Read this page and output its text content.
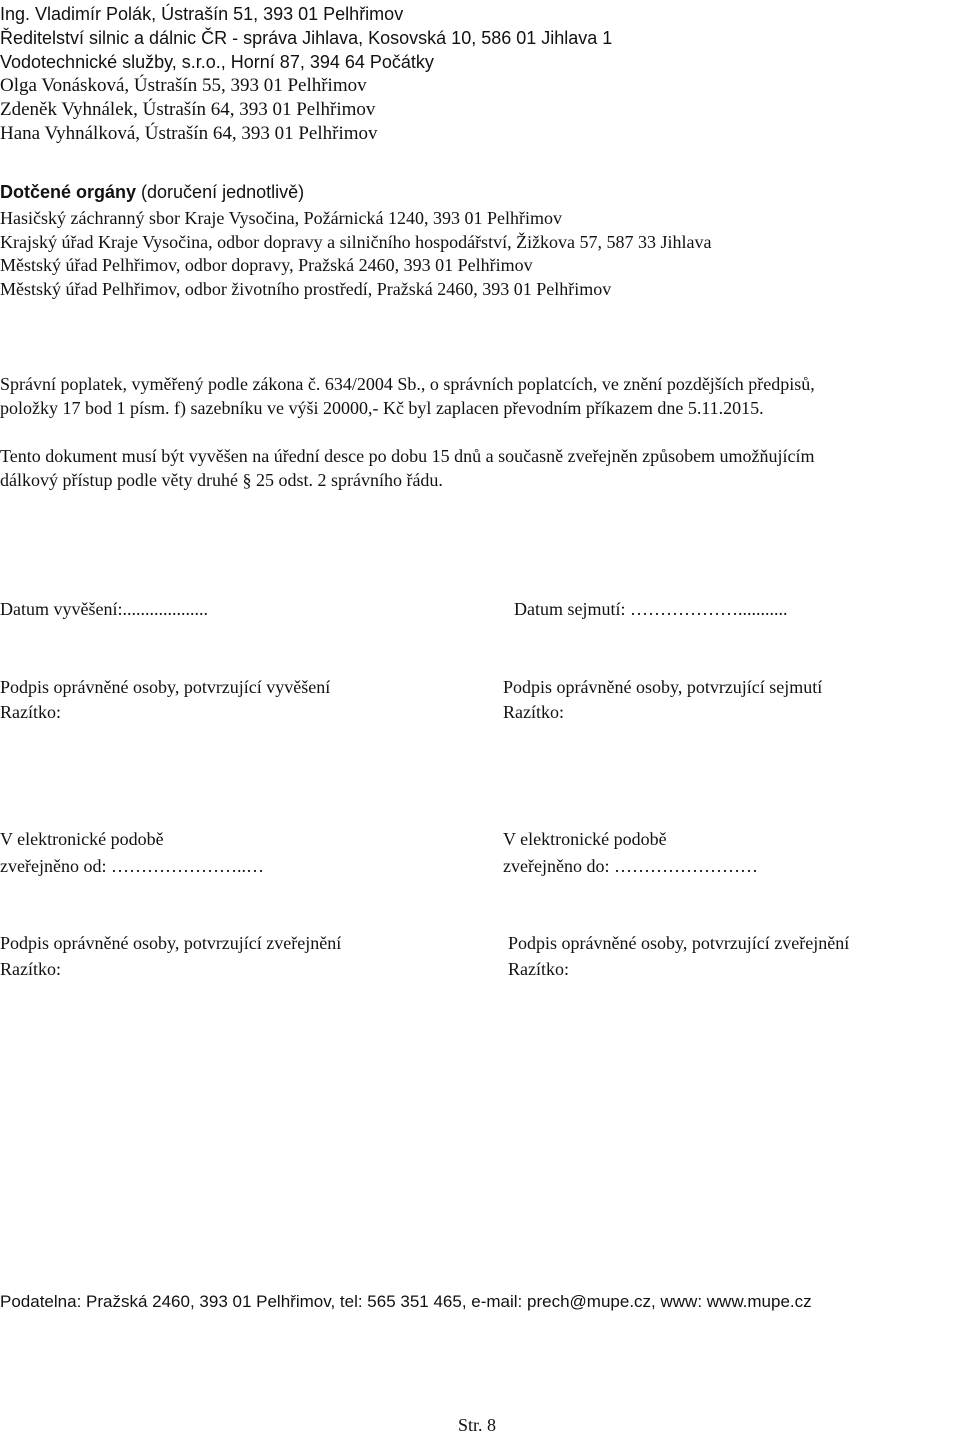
Ing. Vladimír Polák, Ústrašín 51, 393 01 Pelhřimov
Ředitelství silnic a dálnic ČR - správa Jihlava, Kosovská 10, 586 01 Jihlava 1
Vodotechnické služby, s.r.o., Horní 87, 394 64 Počátky
Olga Vonásková, Ústrašín 55, 393 01 Pelhřimov
Zdeněk Vyhnálek, Ústrašín 64, 393 01 Pelhřimov
Hana Vyhnálková, Ústrašín 64, 393 01 Pelhřimov
Dotčené orgány (doručení jednotlivě)
Hasičský záchranný sbor Kraje Vysočina, Požárnická 1240, 393 01 Pelhřimov
Krajský úřad Kraje Vysočina, odbor dopravy a silničního hospodářství, Žižkova 57, 587 33 Jihlava
Městský úřad Pelhřimov, odbor dopravy, Pražská 2460, 393 01 Pelhřimov
Městský úřad Pelhřimov, odbor životního prostředí, Pražská 2460, 393 01 Pelhřimov
Správní poplatek, vyměřený podle zákona č. 634/2004 Sb., o správních poplatcích, ve znění pozdějších předpisů,
položky 17 bod 1 písm. f) sazebníku ve výši 20000,- Kč byl zaplacen převodním příkazem dne 5.11.2015.
Tento dokument musí být vyvěšen na úřední desce po dobu 15 dnů a současně zveřejněn způsobem umožňujícím
dálkový přístup podle věty druhé § 25 odst. 2 správního řádu.
Datum vyvěšení:...................	Datum sejmutí: ………………...........
Podpis oprávněné osoby, potvrzující vyvěšení
Razítko:
Podpis oprávněné osoby, potvrzující sejmutí
Razítko:
V elektronické podobě
zveřejněno od: …………………..…
V elektronické podobě
zveřejněno do: ……………………
Podpis oprávněné osoby, potvrzující zveřejnění
Razítko:
Podpis oprávněné osoby, potvrzující zveřejnění
Razítko:
Podatelna: Pražská 2460, 393 01 Pelhřimov, tel: 565 351 465, e-mail: prech@mupe.cz, www: www.mupe.cz
Str. 8
